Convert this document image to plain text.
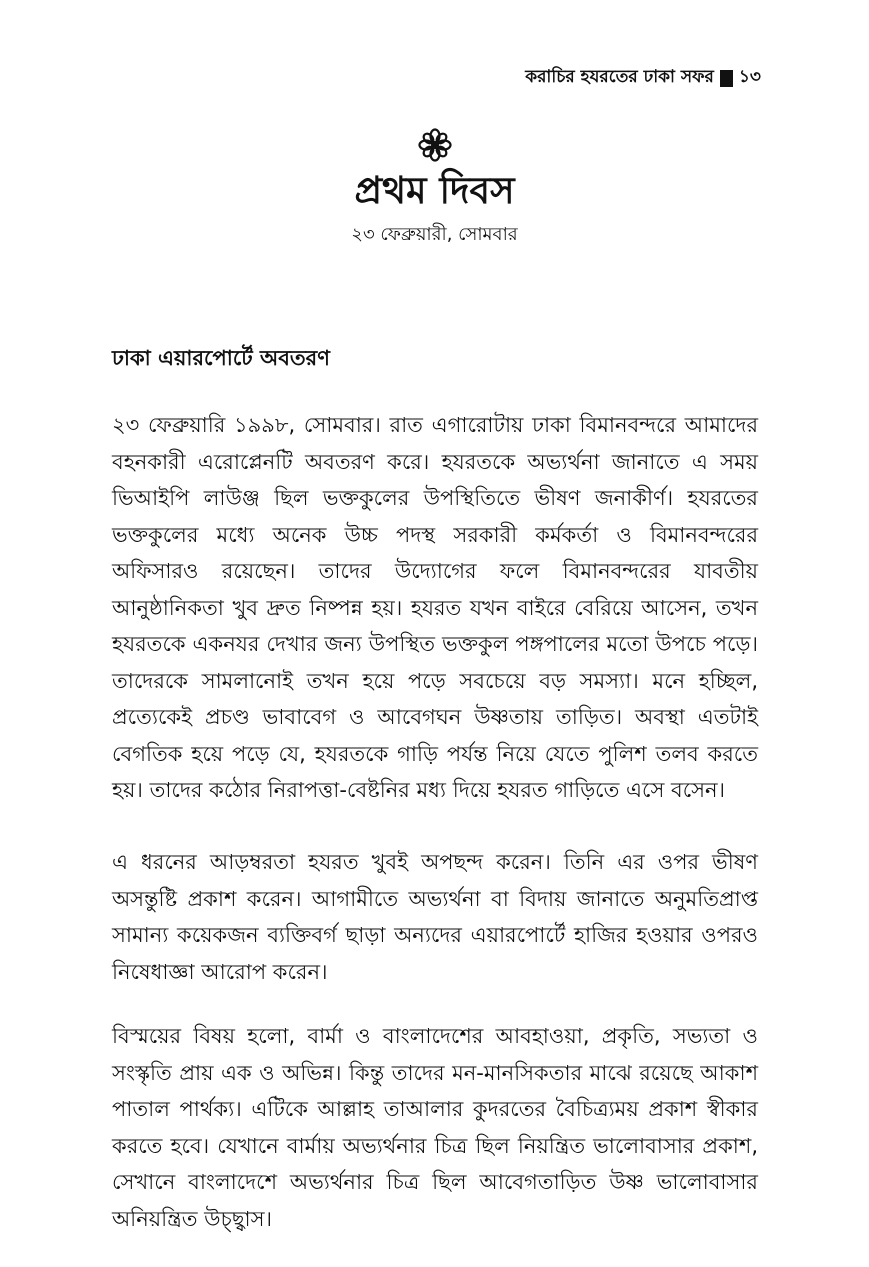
করাচির হযরতের ঢাকা সফর ১৩
প্রথম দিবস
২৩ ফেব্রুয়ারী, সোমবার
ঢাকা এয়ারপোর্টে অবতরণ

২৩ ফেব্রুয়ারি ১৯৯৮, সোমবার। রাত এগারোটায় ঢাকা বিমানবন্দরে আমাদের বহনকারী এরোপ্লেনটি অবতরণ করে। হযরতকে অভ্যর্থনা জানাতে এ সময় ভিআইপি লাউঞ্জ ছিল ভক্তকুলের উপস্থিতিতে ভীষণ জনাকীর্ণ। হযরতের ভক্তকুলের মধ্যে অনেক উচ্চ পদস্থ সরকারী কর্মকর্তা ও বিমানবন্দরের অফিসারও রয়েছেন। তাদের উদ্যোগের ফলে বিমানবন্দরের যাবতীয় আনুষ্ঠানিকতা খুব দ্রুত নিষ্পন্ন হয়। হযরত যখন বাইরে বেরিয়ে আসেন, তখন হযরতকে একনযর দেখার জন্য উপস্থিত ভক্তকুল পঙ্গপালের মতো উপচে পড়ে। তাদেরকে সামলানোই তখন হয়ে পড়ে সবচেয়ে বড় সমস্যা। মনে হচ্ছিল, প্রত্যেকেই প্রচণ্ড ভাবাবেগ ও আবেগঘন উষ্ণতায় তাড়িত। অবস্থা এতটাই বেগতিক হয়ে পড়ে যে, হযরতকে গাড়ি পর্যন্ত নিয়ে যেতে পুলিশ তলব করতে হয়। তাদের কঠোর নিরাপত্তা-বেষ্টনির মধ্য দিয়ে হযরত গাড়িতে এসে বসেন।

এ ধরনের আড়ম্বরতা হযরত খুবই অপছন্দ করেন। তিনি এর ওপর ভীষণ অসন্তুষ্টি প্রকাশ করেন। আগামীতে অভ্যর্থনা বা বিদায় জানাতে অনুমতিপ্রাপ্ত সামান্য কয়েকজন ব্যক্তিবর্গ ছাড়া অন্যদের এয়ারপোর্টে হাজির হওয়ার ওপরও নিষেধাজ্ঞা আরোপ করেন।

বিস্ময়ের বিষয় হলো, বার্মা ও বাংলাদেশের আবহাওয়া, প্রকৃতি, সভ্যতা ও সংস্কৃতি প্রায় এক ও অভিন্ন। কিন্তু তাদের মন-মানসিকতার মাঝে রয়েছে আকাশ পাতাল পার্থক্য। এটিকে আল্লাহ তাআলার কুদরতের বৈচিত্র্যময় প্রকাশ স্বীকার করতে হবে। যেখানে বার্মায় অভ্যর্থনার চিত্র ছিল নিয়ন্ত্রিত ভালোবাসার প্রকাশ, সেখানে বাংলাদেশে অভ্যর্থনার চিত্র ছিল আবেগতাড়িত উষ্ণ ভালোবাসার অনিয়ন্ত্রিত উচ্ছ্বাস।
